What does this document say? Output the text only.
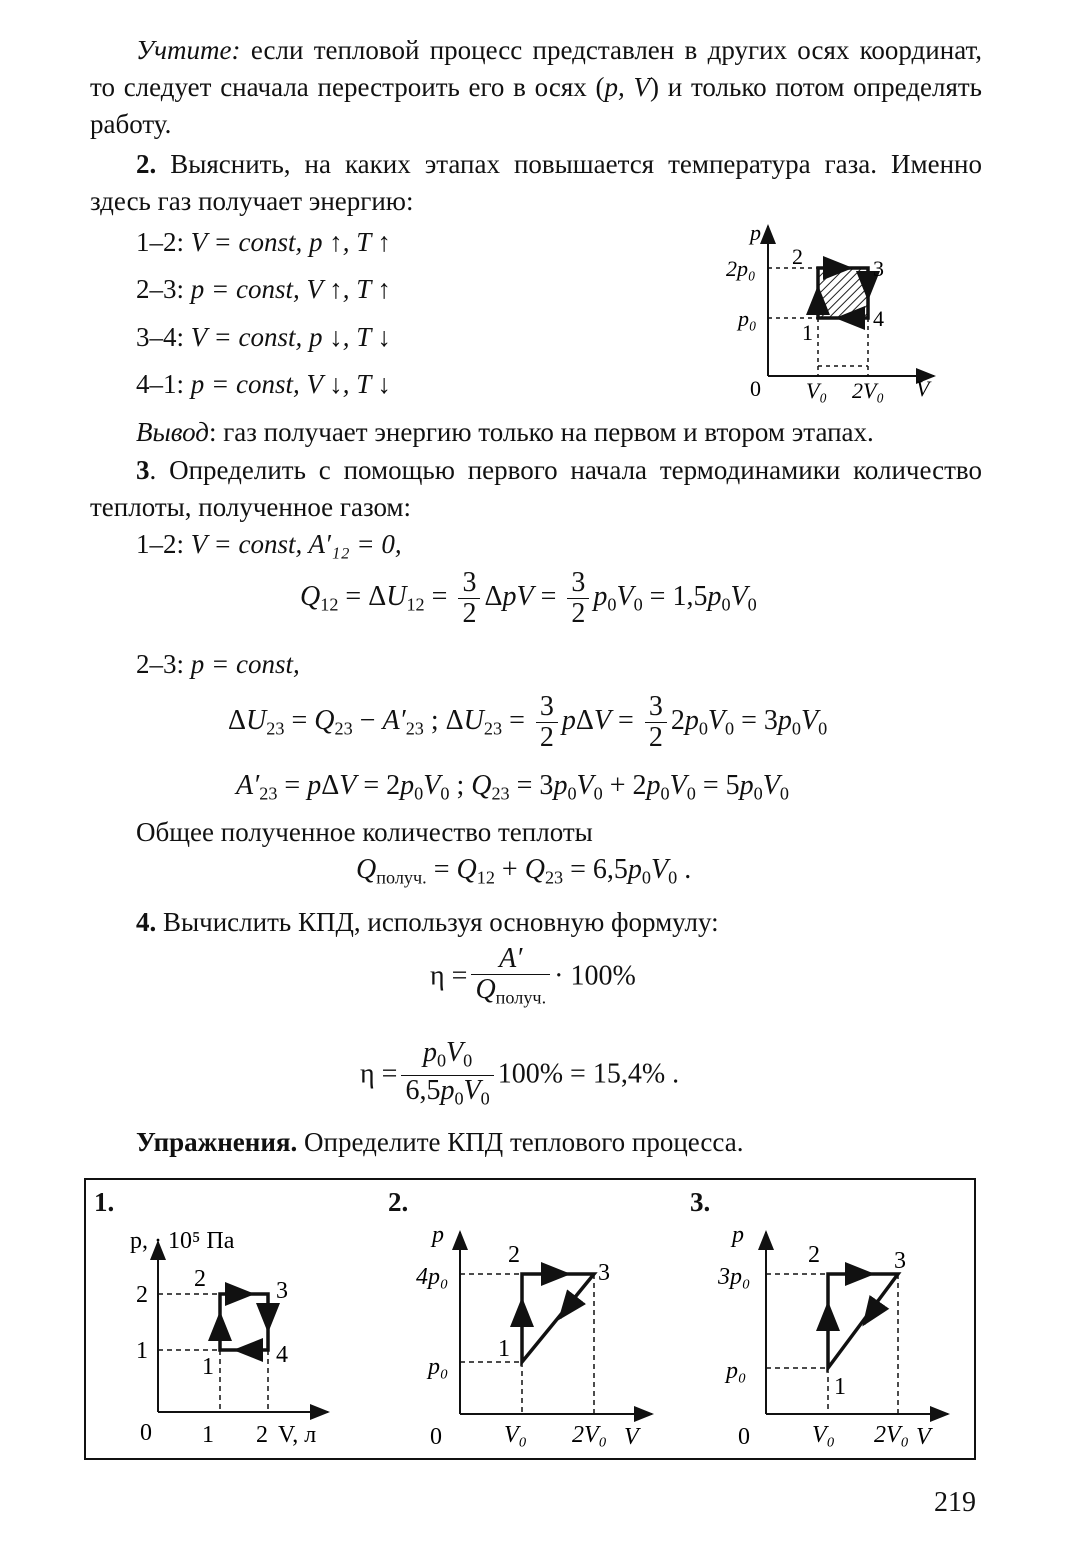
Учтите: если тепловой процесс представлен в других осях координат, то следует сначала перестроить его в осях (p, V) и только потом определять работу.
2. Выяснить, на каких этапах повышается температура газа. Именно здесь газ получает энергию:
1–2: V = const, p ↑, T ↑
2–3: p = const, V ↑, T ↑
3–4: V = const, p ↓, T ↓
4–1: p = const, V ↓, T ↓
p
V
0
2p₀
p₀
V₀ 2V₀
1
2	3
4
Вывод: газ получает энергию только на первом и втором этапах.
3. Определить с помощью первого начала термодинамики количество теплоты, полученное газом:
1–2: V = const, A′₁₂ = 0,
$Q_{12} = \Delta U_{12} = \frac{3}{2}$ $\Delta pV = \frac{3}{2} p_0V_0 = 1,5p_0V_0$
2–3: p = const,
$\Delta U_{23} = Q_{23} - A'_{23}$ ; $\Delta U_{23} = \frac{3}{2}$ $p\Delta V = \frac{3}{2} 2p_0V_0 = 3p_0V_0$
$A'_{23} = p\Delta V = 2p_0V_0$ ; $Q_{23} = 3p_0V_0 + 2p_0V_0 = 5p_0V_0$
Общее полученное количество теплоты
$Q_{получ.} = Q_{12} + Q_{23} = 6,5p_0V_0$ .
4. Вычислить КПД, используя основную формулу:
$\eta = \frac{A'}{Q_{получ.}} \cdot 100\%$
$\eta = \frac{p_0V_0}{6,5p_0V_0} 100\% = 15,4\%$ .
Упражнения. Определите КПД теплового процесса.
1.	2.	3.
p, · 10⁵ Па
V, л
0
2
1
1 2
1
2	3
4
p
V
0
4p₀
p₀
V₀ 2V₀
1
2
3
p
V
0
3p₀
p₀
V₀ 2V₀
1
2	3
219
